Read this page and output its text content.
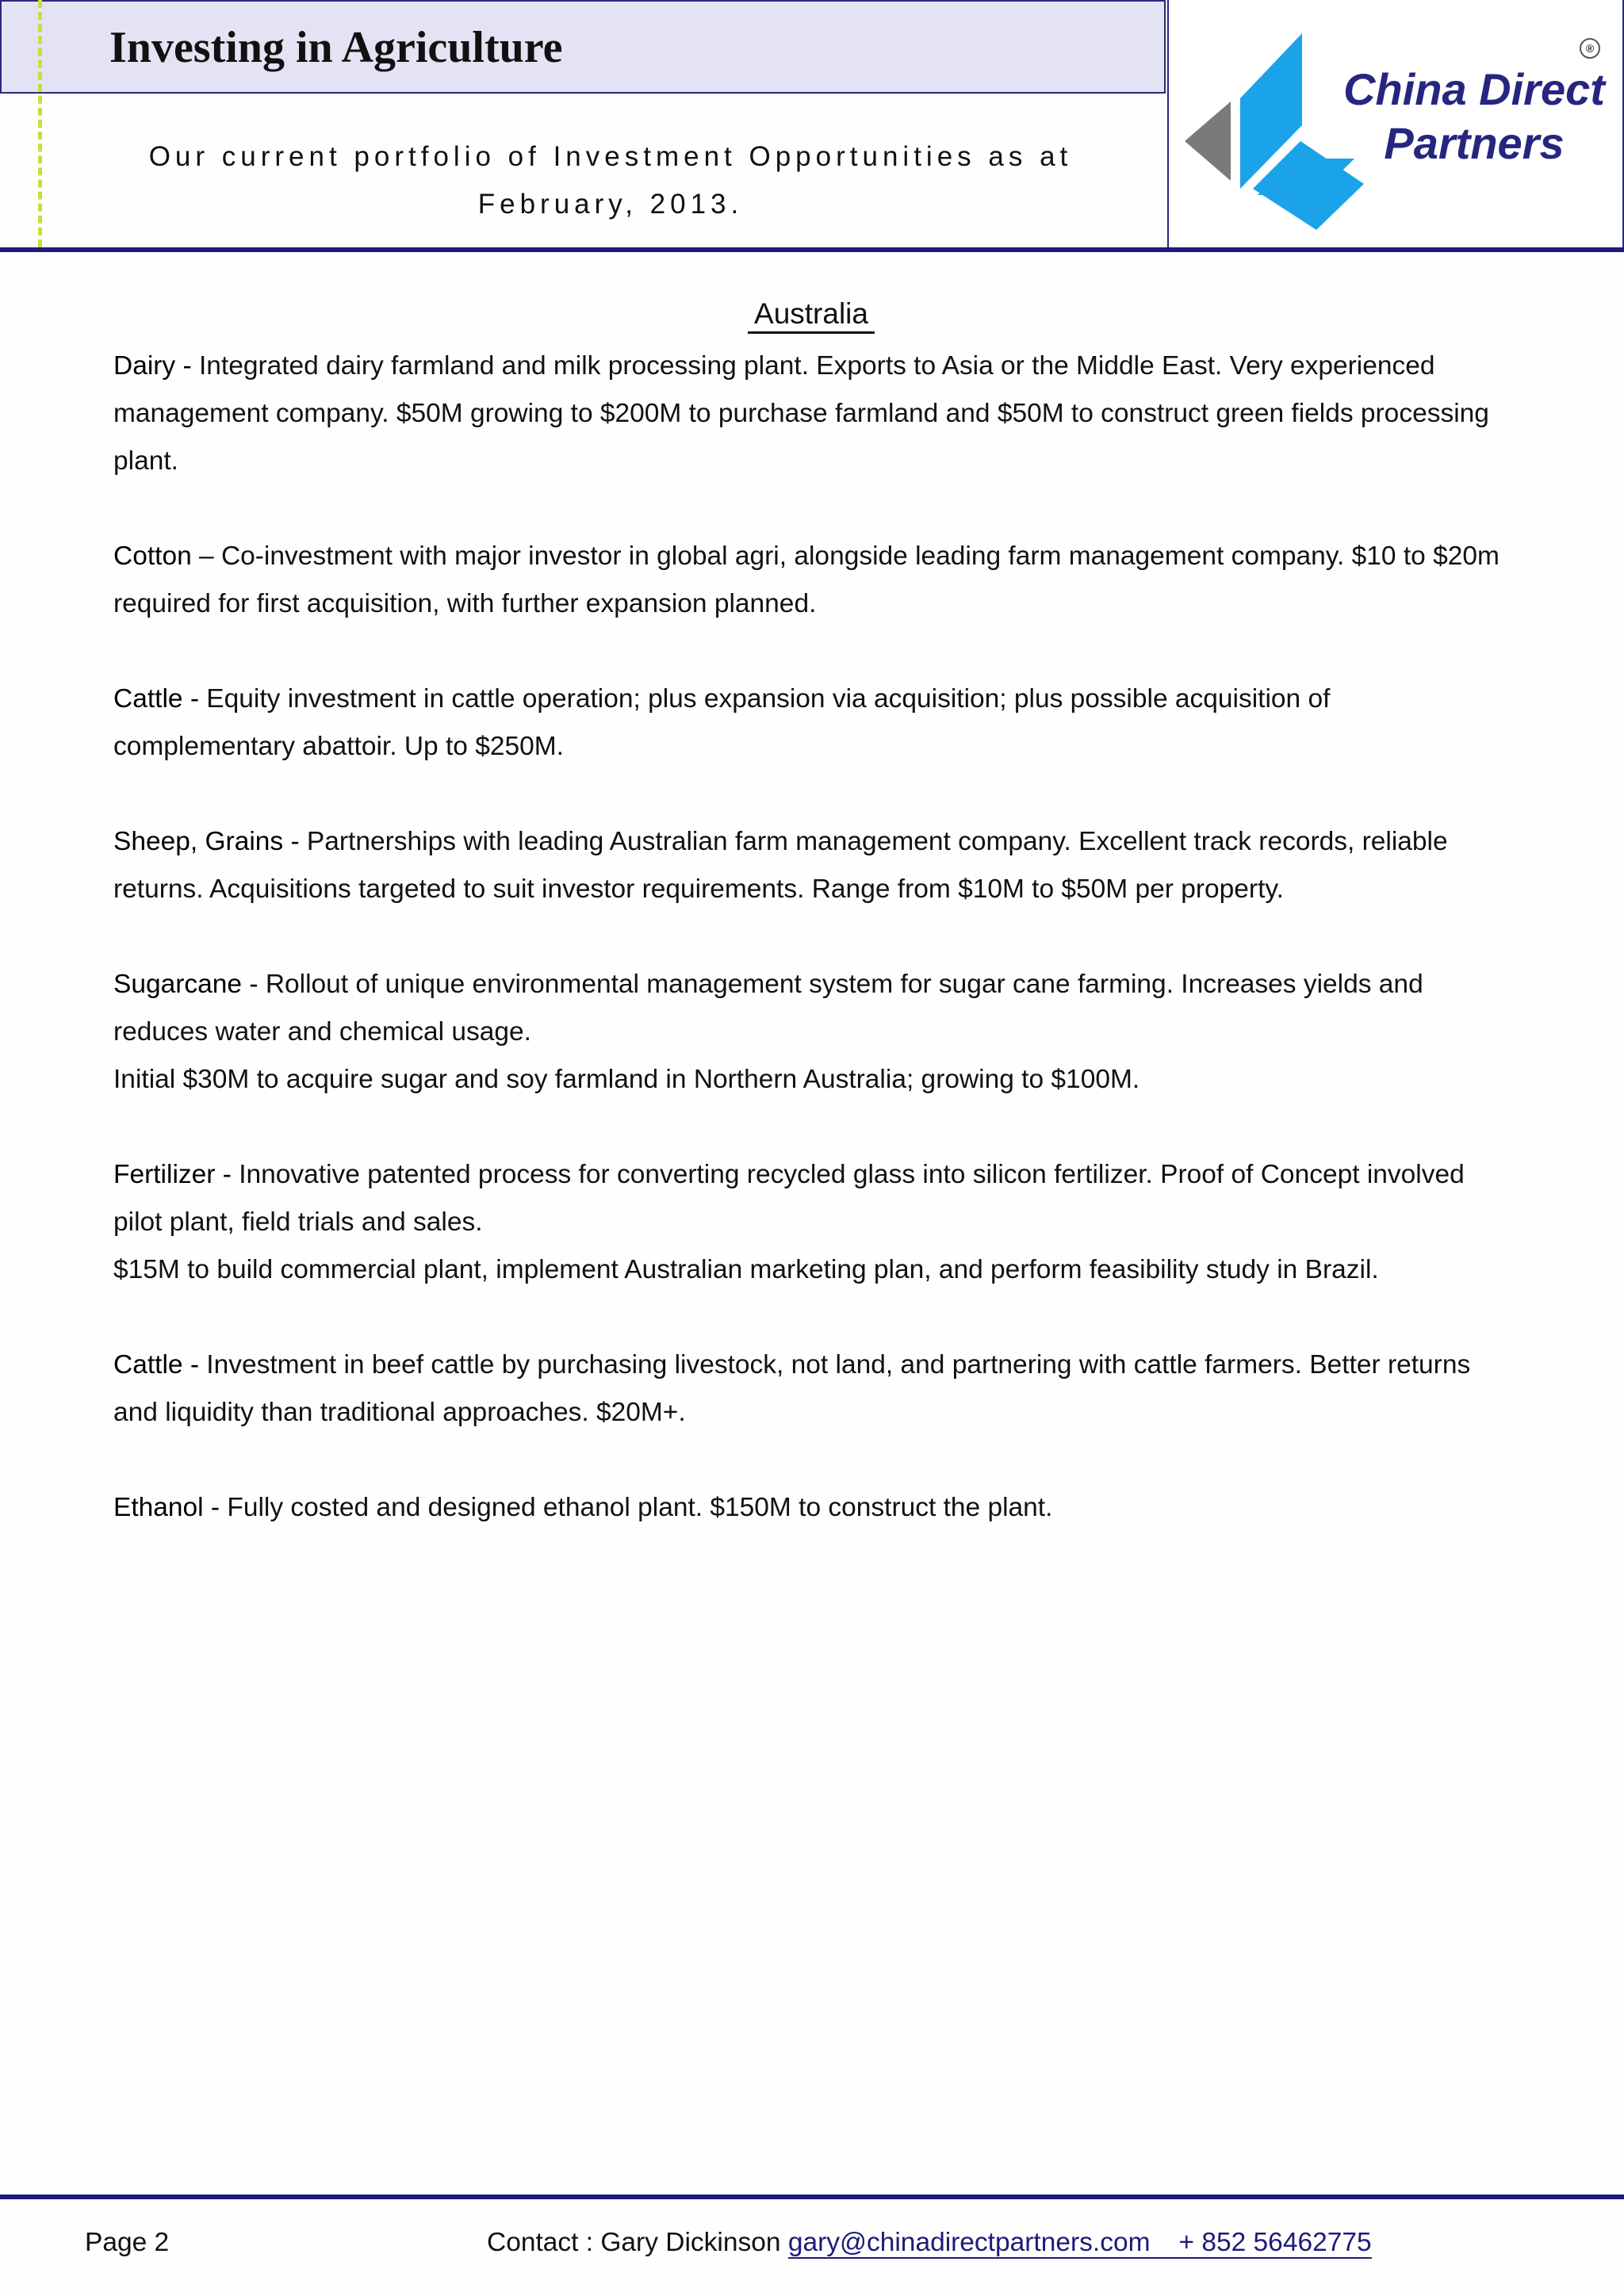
Investing in Agriculture
Our current portfolio of Investment Opportunities as at
February, 2013.
China Direct
Partners
®
Australia

Dairy - Integrated dairy farmland and milk processing plant. Exports to Asia or the Middle East. Very experienced management company. $50M growing to $200M to purchase farmland and $50M to construct green fields processing plant.

Cotton – Co-investment with major investor in global agri, alongside leading farm management company. $10 to $20m required for first acquisition, with further expansion planned.

Cattle - Equity investment in cattle operation; plus expansion via acquisition; plus possible acquisition of complementary abattoir. Up to $250M.

Sheep, Grains - Partnerships with leading Australian farm management company. Excellent track records, reliable returns. Acquisitions targeted to suit investor requirements. Range from $10M to $50M per property.

Sugarcane - Rollout of unique environmental management system for sugar cane farming. Increases yields and reduces water and chemical usage.

Initial $30M to acquire sugar and soy farmland in Northern Australia; growing to $100M.

Fertilizer - Innovative patented process for converting recycled glass into silicon fertilizer. Proof of Concept involved pilot plant, field trials and sales.

$15M to build commercial plant, implement Australian marketing plan, and perform feasibility study in Brazil.

Cattle - Investment in beef cattle by purchasing livestock, not land, and partnering with cattle farmers. Better returns and liquidity than traditional approaches. $20M+.

Ethanol - Fully costed and designed ethanol plant. $150M to construct the plant.

Page 2	Contact : Gary Dickinson gary@chinadirectpartners.com + 852 56462775
